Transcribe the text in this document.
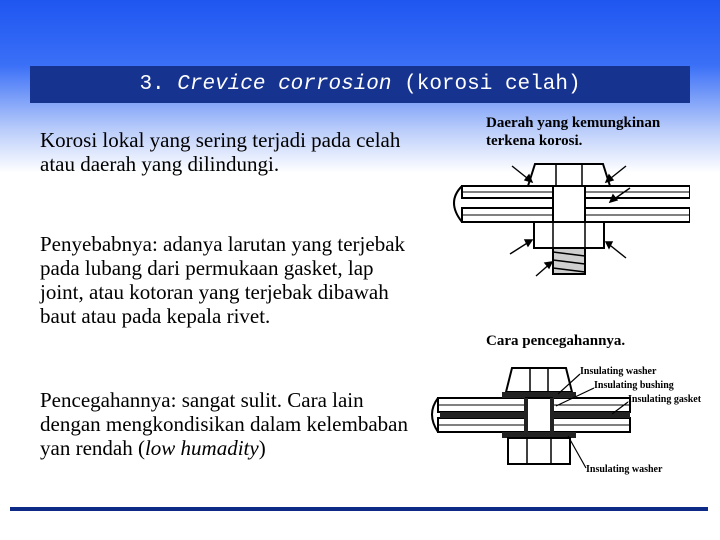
3.
Crevice corrosion
(korosi celah)
Korosi lokal yang sering terjadi pada celah atau daerah yang dilindungi.
Penyebabnya: adanya larutan yang terjebak pada lubang dari permukaan gasket, lap joint, atau kotoran yang terjebak dibawah baut atau pada kepala rivet.
Pencegahannya: sangat sulit. Cara lain dengan mengkondisikan dalam kelembaban yan rendah (low humadity)
Daerah yang kemungkinan terkena korosi.
Cara pencegahannya.
Insulating washer
Insulating bushing
Insulating gasket
Insulating washer
